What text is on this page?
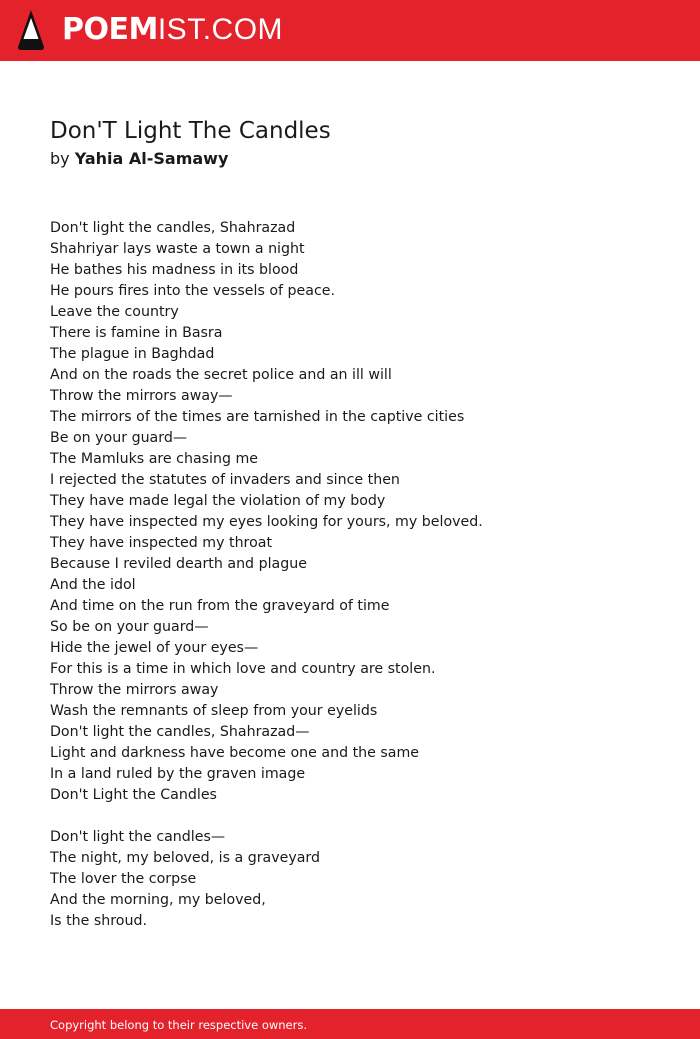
POEMIST.COM
Don'T Light The Candles
by Yahia Al-Samawy
Don't light the candles, Shahrazad
Shahriyar lays waste a town a night
He bathes his madness in its blood
He pours fires into the vessels of peace.
Leave the country
There is famine in Basra
The plague in Baghdad
And on the roads the secret police and an ill will
Throw the mirrors away—
The mirrors of the times are tarnished in the captive cities
Be on your guard—
The Mamluks are chasing me
I rejected the statutes of invaders and since then
They have made legal the violation of my body
They have inspected my eyes looking for yours, my beloved.
They have inspected my throat
Because I reviled dearth and plague
And the idol
And time on the run from the graveyard of time
So be on your guard—
Hide the jewel of your eyes—
For this is a time in which love and country are stolen.
Throw the mirrors away
Wash the remnants of sleep from your eyelids
Don't light the candles, Shahrazad—
Light and darkness have become one and the same
In a land ruled by the graven image
Don't Light the Candles
Don't light the candles—
The night, my beloved, is a graveyard
The lover the corpse
And the morning, my beloved,
Is the shroud.
Copyright belong to their respective owners.
